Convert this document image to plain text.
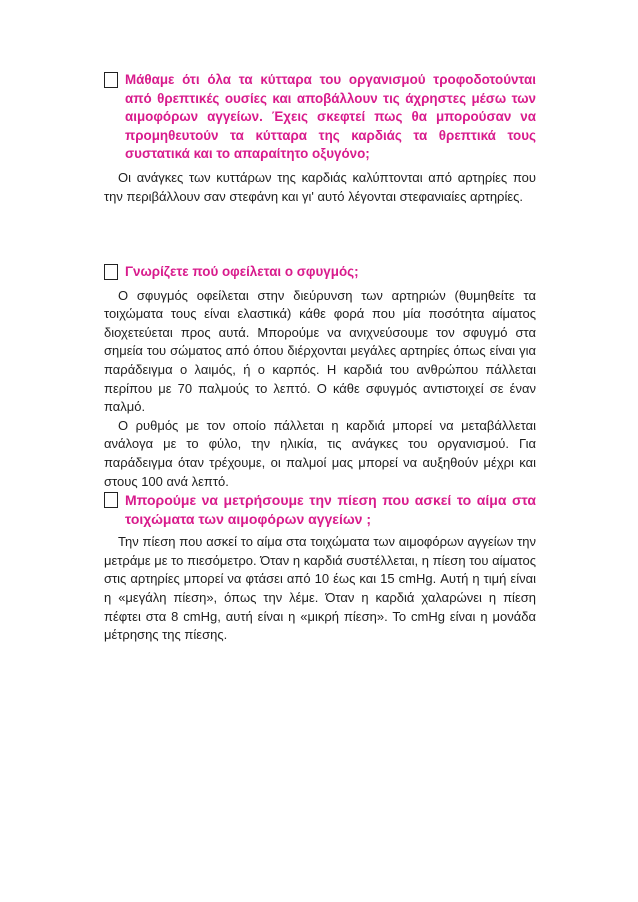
Μάθαμε ότι όλα τα κύτταρα του οργανισμού τροφοδοτούνται από θρεπτικές ουσίες και αποβάλλουν τις άχρηστες μέσω των αιμοφόρων αγγείων. Έχεις σκεφτεί πως θα μπορούσαν να προμηθευτούν τα κύτταρα της καρδιάς τα θρεπτικά τους συστατικά και το απαραίτητο οξυγόνο;

Οι ανάγκες των κυττάρων της καρδιάς καλύπτονται από αρτηρίες που την περιβάλλουν σαν στεφάνη και γι' αυτό λέγονται στεφανιαίες αρτηρίες.

Γνωρίζετε πού οφείλεται ο σφυγμός;

Ο σφυγμός οφείλεται στην διεύρυνση των αρτηριών (θυμηθείτε τα τοιχώματα τους είναι ελαστικά) κάθε φορά που μία ποσότητα αίματος διοχετεύεται προς αυτά. Μπορούμε να ανιχνεύσουμε τον σφυγμό στα σημεία του σώματος από όπου διέρχονται μεγάλες αρτηρίες όπως είναι για παράδειγμα ο λαιμός, ή ο καρπός. Η καρδιά του ανθρώπου πάλλεται περίπου με 70 παλμούς το λεπτό. Ο κάθε σφυγμός αντιστοιχεί σε έναν παλμό.

Ο ρυθμός με τον οποίο πάλλεται η καρδιά μπορεί να μεταβάλλεται ανάλογα με το φύλο, την ηλικία, τις ανάγκες του οργανισμού. Για παράδειγμα όταν τρέχουμε, οι παλμοί μας μπορεί να αυξηθούν μέχρι και στους 100 ανά λεπτό.

Μπορούμε να μετρήσουμε την πίεση που ασκεί το αίμα στα τοιχώματα των αιμοφόρων αγγείων ;

Την πίεση που ασκεί το αίμα στα τοιχώματα των αιμοφόρων αγγείων την μετράμε με το πιεσόμετρο. Όταν η καρδιά συστέλλεται, η πίεση του αίματος στις αρτηρίες μπορεί να φτάσει από 10 έως και 15 cmHg. Αυτή η τιμή είναι η «μεγάλη πίεση», όπως την λέμε. Όταν η καρδιά χαλαρώνει η πίεση πέφτει στα 8 cmHg, αυτή είναι η «μικρή πίεση». Το cmHg είναι η μονάδα μέτρησης της πίεσης.
